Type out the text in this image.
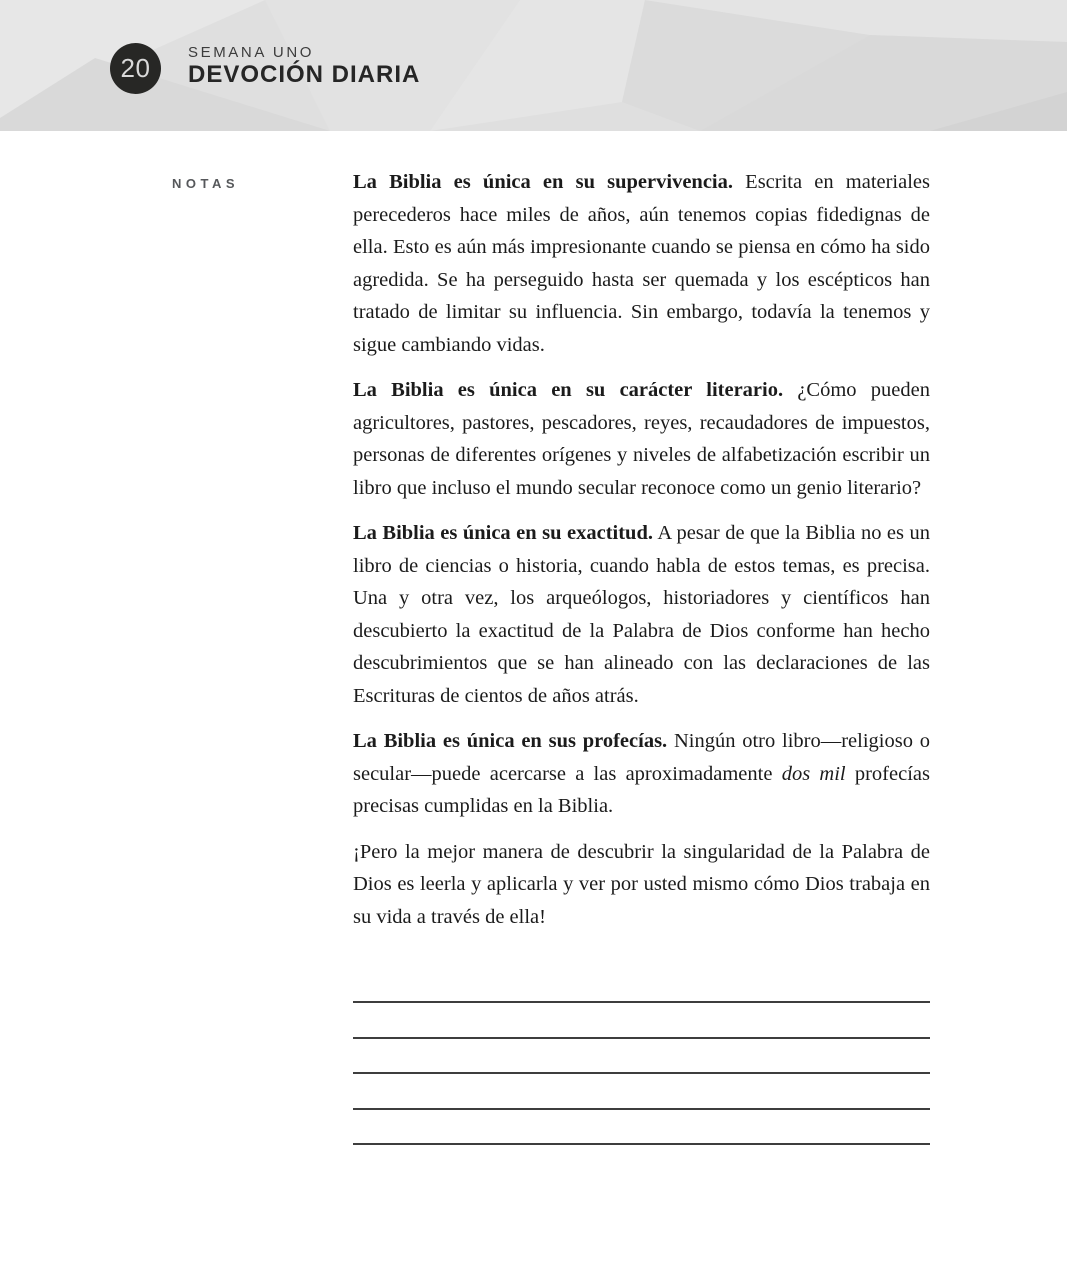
20
SEMANA UNO
DEVOCIÓN DIARIA
NOTAS	La Biblia es única en su supervivencia. Escrita en materiales perecederos hace miles de años, aún tenemos copias fidedignas de ella. Esto es aún más impresionante cuando se piensa en cómo ha sido agredida. Se ha perseguido hasta ser quemada y los escépticos han tratado de limitar su influencia. Sin embargo, todavía la tenemos y sigue cambiando vidas.

La Biblia es única en su carácter literario. ¿Cómo pueden agricultores, pastores, pescadores, reyes, recaudadores de impuestos, personas de diferentes orígenes y niveles de alfabetización escribir un libro que incluso el mundo secular reconoce como un genio literario?

La Biblia es única en su exactitud. A pesar de que la Biblia no es un libro de ciencias o historia, cuando habla de estos temas, es precisa. Una y otra vez, los arqueólogos, historiadores y científicos han descubierto la exactitud de la Palabra de Dios conforme han hecho descubrimientos que se han alineado con las declaraciones de las Escrituras de cientos de años atrás.

La Biblia es única en sus profecías. Ningún otro libro—religioso o secular—puede acercarse a las aproximadamente dos mil profecías precisas cumplidas en la Biblia.

¡Pero la mejor manera de descubrir la singularidad de la Palabra de Dios es leerla y aplicarla y ver por usted mismo cómo Dios trabaja en su vida a través de ella!
